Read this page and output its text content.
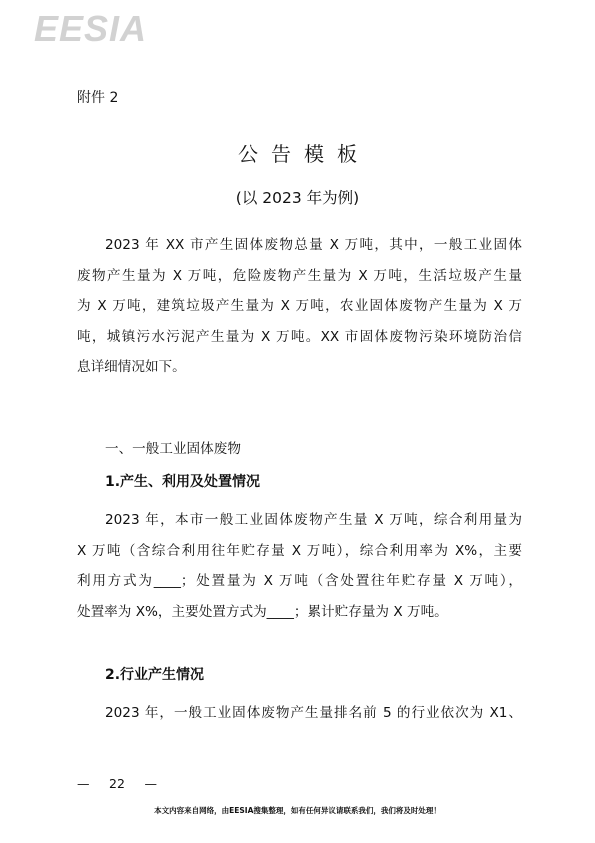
EESIA
附件 2
公告模板
(以 2023 年为例)
2023 年 XX 市产生固体废物总量 X 万吨，其中，一般工业固体
废物产生量为 X 万吨，危险废物产生量为 X 万吨，生活垃圾产生量
为 X 万吨，建筑垃圾产生量为 X 万吨，农业固体废物产生量为 X 万
吨，城镇污水污泥产生量为 X 万吨。XX 市固体废物污染环境防治信
息详细情况如下。
一、一般工业固体废物
1.产生、利用及处置情况
2023 年，本市一般工业固体废物产生量 X 万吨，综合利用量为
X 万吨（含综合利用往年贮存量 X 万吨），综合利用率为 X%，主要
利用方式为____；处置量为 X 万吨（含处置往年贮存量 X 万吨），
处置率为 X%，主要处置方式为____；累计贮存量为 X 万吨。
2.行业产生情况
2023 年，一般工业固体废物产生量排名前 5 的行业依次为 X1、
— 22 —
本文内容来自网络，由EESIA搜集整理，如有任何异议请联系我们，我们将及时处理！
